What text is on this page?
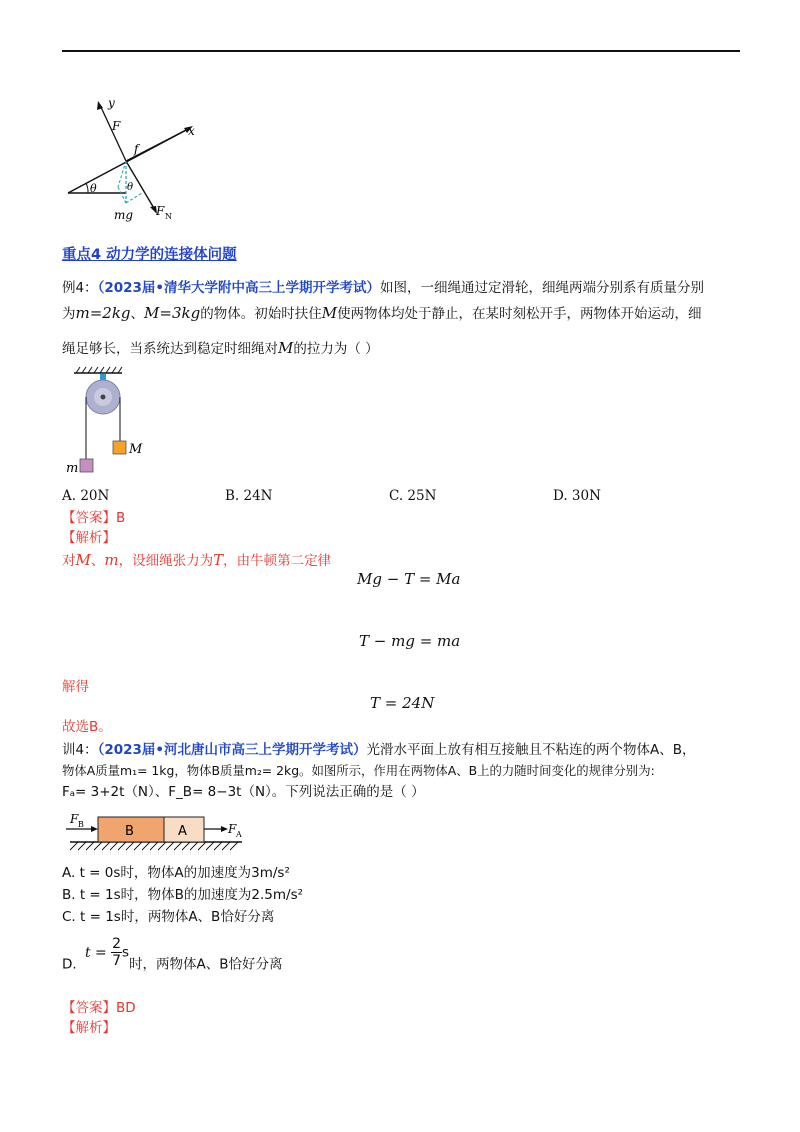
θ	θ
y
F	x
f
mg F N
重点4 动力学的连接体问题
例4：（2023届•清华大学附中高三上学期开学考试）如图，一细绳通过定滑轮，细绳两端分别系有质量分别
为m=2kg、M=3kg的物体。初始时扶住M使两物体均处于静止，在某时刻松开手，两物体开始运动，细
绳足够长，当系统达到稳定时细绳对M的拉力为（ ）
M
m
A. 20N	B. 24N	C. 25N	D. 30N
【答案】B
【解析】
对M、m，设细绳张力为T，由牛顿第二定律
Mg − T = Ma
T − mg = ma
解得
T = 24N
故选B。
训4：（2023届•河北唐山市高三上学期开学考试）光滑水平面上放有相互接触且不粘连的两个物体A、B，
物体A质量m₁= 1kg，物体B质量m₂= 2kg。如图所示，作用在两物体A、B上的力随时间变化的规律分别为:
Fₐ= 3+2t（N）、F_B= 8−3t（N）。下列说法正确的是（ ）
B	A
F B	F A
A. t = 0s时，物体A的加速度为3m/s²
B. t = 1s时，物体B的加速度为2.5m/s²
C. t = 1s时，两物体A、B恰好分离
D. $t = \frac{2}{7}$ s时，两物体A、B恰好分离
【答案】BD
【解析】
